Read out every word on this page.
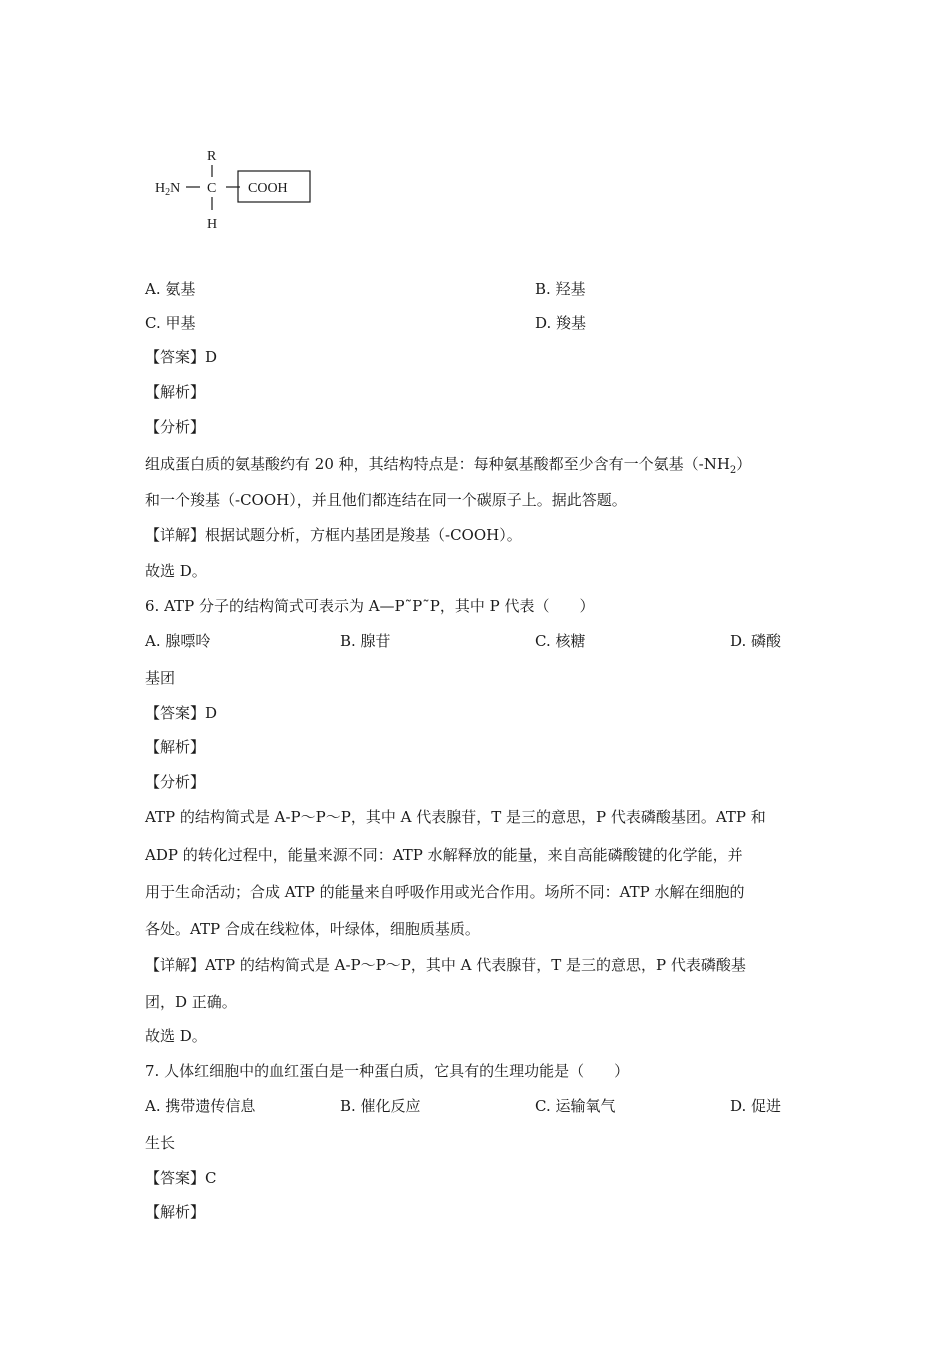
R
$H_2N$ C
H
COOH
A. 氨基	B. 羟基
C. 甲基	D. 羧基
【答案】D
【解析】
【分析】
组成蛋白质的氨基酸约有 20 种，其结构特点是：每种氨基酸都至少含有一个氨基$(-NH_2)$
和一个羧基（-COOH），并且他们都连结在同一个碳原子上。据此答题。
【详解】根据试题分析，方框内基团是羧基（-COOH）。
故选 D。
6. ATP 分子的结构简式可表示为 A—P˜P˜P，其中 P 代表（　　）
A. 腺嘌呤	B. 腺苷	C. 核糖	D. 磷酸
基团
【答案】D
【解析】
【分析】
ATP 的结构简式是 A-P～P～P，其中 A 代表腺苷，T 是三的意思，P 代表磷酸基团。ATP 和
ADP 的转化过程中，能量来源不同：ATP 水解释放的能量，来自高能磷酸键的化学能，并
用于生命活动；合成 ATP 的能量来自呼吸作用或光合作用。场所不同：ATP 水解在细胞的
各处。ATP 合成在线粒体，叶绿体，细胞质基质。
【详解】ATP 的结构简式是 A-P～P～P，其中 A 代表腺苷，T 是三的意思，P 代表磷酸基
团，D 正确。
故选 D。
7. 人体红细胞中的血红蛋白是一种蛋白质，它具有的生理功能是（　　）
A. 携带遗传信息	B. 催化反应	C. 运输氧气	D. 促进
生长
【答案】C
【解析】
